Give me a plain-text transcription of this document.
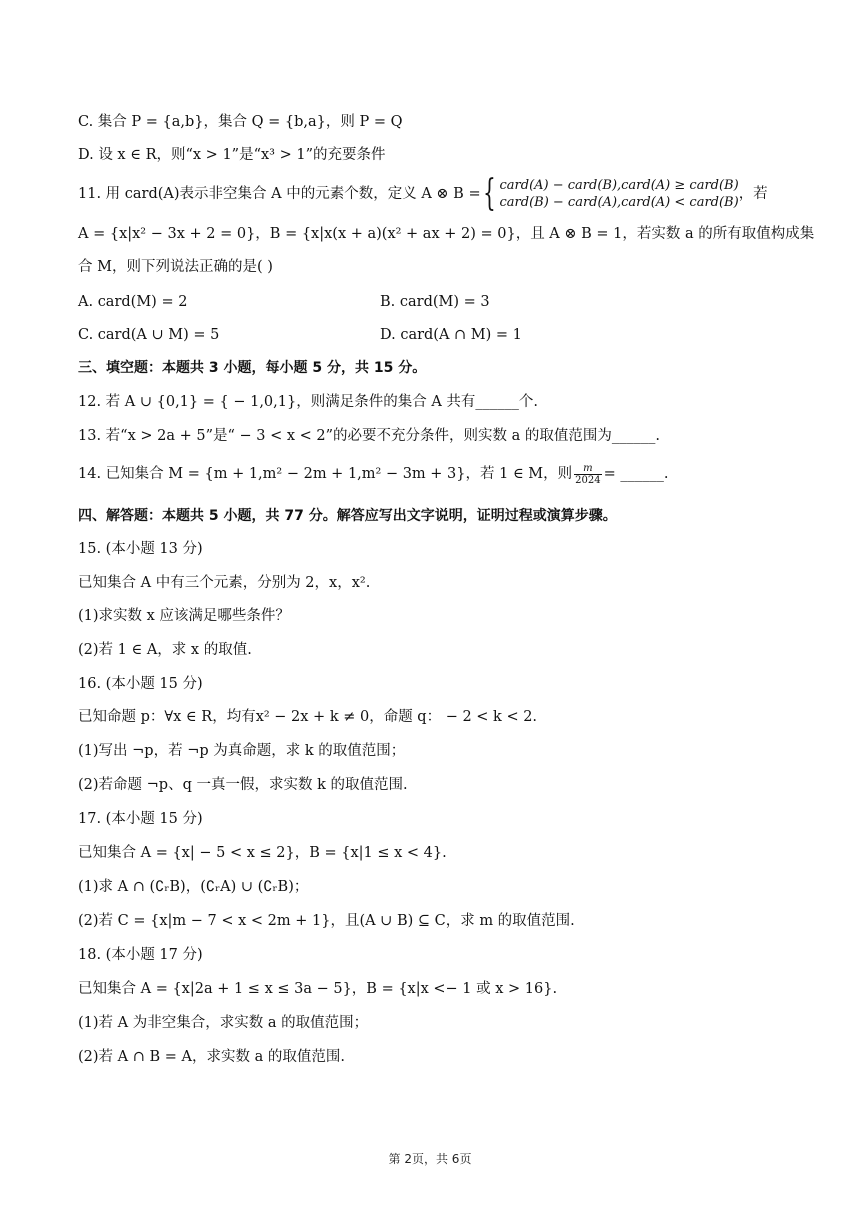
C. 集合 P = {a,b}，集合 Q = {b,a}，则 P = Q
D. 设 x ∈ R，则“x > 1”是“x³ > 1”的充要条件
11. 用 card(A)表示非空集合 A 中的元素个数，定义 A ⊗ B ={ card(A) − card(B),card(A) ≥ card(B)
card(B) − card(A),card(A) < card(B)
，若
A = {x|x² − 3x + 2 = 0}，B = {x|x(x + a)(x² + ax + 2) = 0}，且 A ⊗ B = 1，若实数 a 的所有取值构成集
合 M，则下列说法正确的是( )
A. card(M) = 2	B. card(M) = 3
C. card(A ∪ M) = 5	D. card(A ∩ M) = 1
三、填空题：本题共 3 小题，每小题 5 分，共 15 分。
12. 若 A ∪ {0,1} = { − 1,0,1}，则满足条件的集合 A 共有______个.
13. 若“x > 2a + 5”是“ − 3 < x < 2”的必要不充分条件，则实数 a 的取值范围为______.
14. 已知集合 M = {m + 1,m² − 2m + 1,m² − 3m + 3}，若 1 ∈ M，则 $\frac{m}{2024}$ = ______.
四、解答题：本题共 5 小题，共 77 分。解答应写出文字说明，证明过程或演算步骤。
15. (本小题 13 分)
已知集合 A 中有三个元素，分别为 2，x，x².
(1)求实数 x 应该满足哪些条件？
(2)若 1 ∈ A，求 x 的取值.
16. (本小题 15 分)
已知命题 p：∀x ∈ R，均有x² − 2x + k ≠ 0，命题 q： − 2 < k < 2.
(1)写出 ¬p，若 ¬p 为真命题，求 k 的取值范围；
(2)若命题 ¬p、q 一真一假，求实数 k 的取值范围.
17. (本小题 15 分)
已知集合 A = {x| − 5 < x ≤ 2}，B = {x|1 ≤ x < 4}.
(1)求 A ∩ (∁ᵣB)，(∁ᵣA) ∪ (∁ᵣB)；
(2)若 C = {x|m − 7 < x < 2m + 1}，且(A ∪ B) ⊆ C，求 m 的取值范围.
18. (本小题 17 分)
已知集合 A = {x|2a + 1 ≤ x ≤ 3a − 5}，B = {x|x <− 1 或 x > 16}.
(1)若 A 为非空集合，求实数 a 的取值范围；
(2)若 A ∩ B = A，求实数 a 的取值范围.
第 2页，共 6页
